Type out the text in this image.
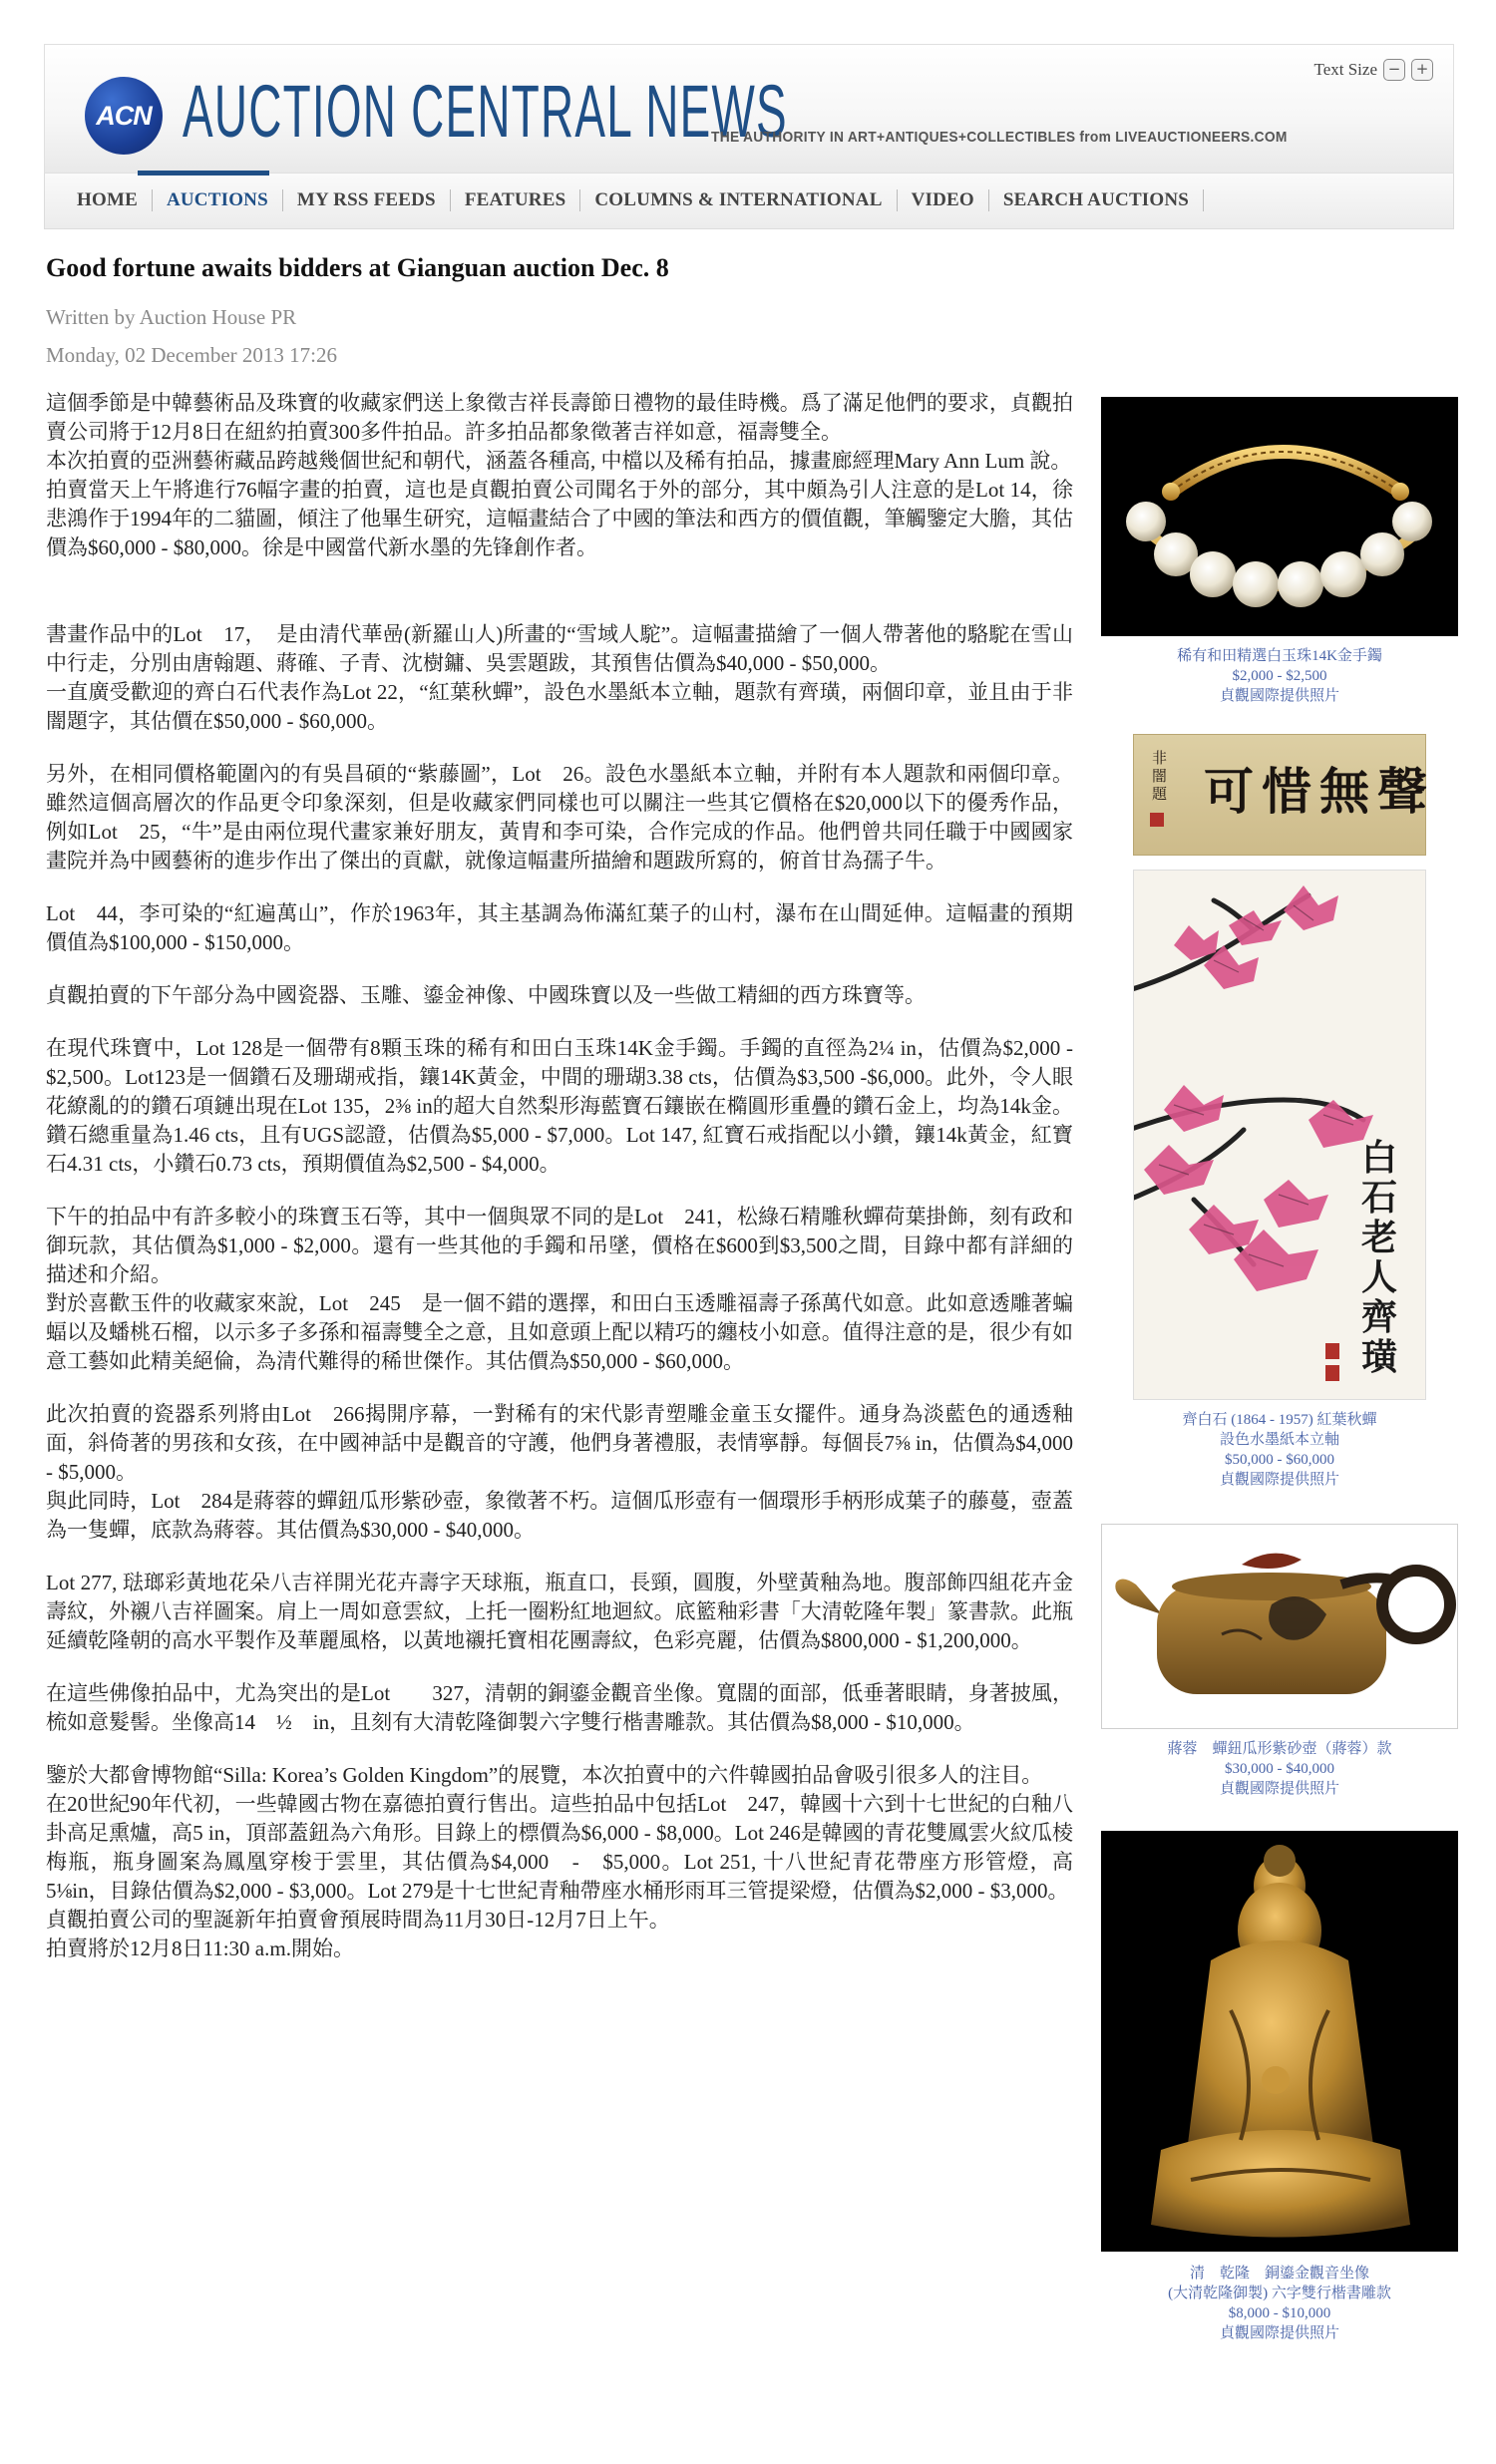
ACN AUCTION CENTRAL NEWS
THE AUTHORITY IN ART+ANTIQUES+COLLECTIBLES from LIVEAUCTIONEERS.COM
Text Size −	+
HOME	AUCTIONS	MY RSS FEEDS	FEATURES	COLUMNS & INTERNATIONAL	VIDEO	SEARCH AUCTIONS
Good fortune awaits bidders at Gianguan auction Dec. 8
Written by Auction House PR
Monday, 02 December 2013 17:26

這個季節是中韓藝術品及珠寶的收藏家們送上象徵吉祥長壽節日禮物的最佳時機。爲了滿足他們的要求，貞觀拍賣公司將于12月8日在紐約拍賣300多件拍品。許多拍品都象徵著吉祥如意，福壽雙全。

本次拍賣的亞洲藝術藏品跨越幾個世紀和朝代，涵蓋各種高, 中檔以及稀有拍品，據畫廊經理Mary Ann Lum 說。

拍賣當天上午將進行76幅字畫的拍賣，這也是貞觀拍賣公司聞名于外的部分，其中頗為引人注意的是Lot 14，徐悲鴻作于1994年的二貓圖，傾注了他畢生研究，這幅畫結合了中國的筆法和西方的價值觀，筆觸鑒定大膽，其估價為$60,000 - $80,000。徐是中國當代新水墨的先锋創作者。

書畫作品中的Lot　17，　是由清代華喦(新羅山人)所畫的“雪域人駝”。這幅畫描繪了一個人帶著他的駱駝在雪山中行走，分別由唐翰題、蔣確、子青、沈樹鏞、吳雲題跋，其預售估價為$40,000 - $50,000。

一直廣受歡迎的齊白石代表作為Lot 22，“紅葉秋蟬”，設色水墨紙本立軸，題款有齊璜，兩個印章，並且由于非闇題字，其估價在$50,000 - $60,000。

另外，在相同價格範圍內的有吳昌碩的“紫藤圖”，Lot　26。設色水墨紙本立軸，并附有本人題款和兩個印章。雖然這個高層次的作品更令印象深刻，但是收藏家們同樣也可以關注一些其它價格在$20,000以下的優秀作品，例如Lot　25，“牛”是由兩位現代畫家兼好朋友，黃胄和李可染，合作完成的作品。他們曾共同任職于中國國家畫院并為中國藝術的進步作出了傑出的貢獻，就像這幅畫所描繪和題跋所寫的，俯首甘為孺子牛。

Lot　44，李可染的“紅遍萬山”，作於1963年，其主基調為佈滿紅葉子的山村，瀑布在山間延伸。這幅畫的預期價值為$100,000 - $150,000。

貞觀拍賣的下午部分為中國瓷器、玉雕、鎏金神像、中國珠寶以及一些做工精細的西方珠寶等。

在現代珠寶中，Lot 128是一個帶有8顆玉珠的稀有和田白玉珠14K金手鐲。手鐲的直徑為2¼ in，估價為$2,000 - $2,500。Lot123是一個鑽石及珊瑚戒指，鑲14K黃金，中間的珊瑚3.38 cts，估價為$3,500 -$6,000。此外，令人眼花繚亂的的鑽石項鏈出現在Lot 135，2⅜ in的超大自然梨形海藍寶石鑲嵌在橢圓形重疊的鑽石金上，均為14k金。鑽石總重量為1.46 cts，且有UGS認證，估價為$5,000 - $7,000。Lot 147, 紅寶石戒指配以小鑽，鑲14k黃金，紅寶石4.31 cts，小鑽石0.73 cts，預期價值為$2,500 - $4,000。

下午的拍品中有許多較小的珠寶玉石等，其中一個與眾不同的是Lot　241，松綠石精雕秋蟬荷葉掛飾，刻有政和御玩款，其估價為$1,000 - $2,000。還有一些其他的手鐲和吊墜，價格在$600到$3,500之間，目錄中都有詳細的描述和介紹。

對於喜歡玉件的收藏家來說，Lot　245　是一個不錯的選擇，和田白玉透雕福壽子孫萬代如意。此如意透雕著蝙蝠以及蟠桃石榴，以示多子多孫和福壽雙全之意，且如意頭上配以精巧的纏枝小如意。值得注意的是，很少有如意工藝如此精美絕倫，為清代難得的稀世傑作。其估價為$50,000 - $60,000。

此次拍賣的瓷器系列將由Lot　266揭開序幕，一對稀有的宋代影青塑雕金童玉女擺件。通身為淡藍色的通透釉面，斜倚著的男孩和女孩，在中國神話中是觀音的守護，他們身著禮服，表情寧靜。每個長7⅝ in，估價為$4,000 - $5,000。

與此同時，Lot　284是蔣蓉的蟬鈕瓜形紫砂壺，象徵著不朽。這個瓜形壺有一個環形手柄形成葉子的藤蔓，壺蓋為一隻蟬，底款為蔣蓉。其估價為$30,000 - $40,000。

Lot 277, 琺瑯彩黃地花朵八吉祥開光花卉壽字天球瓶，瓶直口，長頸，圓腹，外壁黃釉為地。腹部飾四組花卉金壽紋，外襯八吉祥圖案。肩上一周如意雲紋，上托一圈粉紅地迴紋。底籃釉彩書「大清乾隆年製」篆書款。此瓶延續乾隆朝的高水平製作及華麗風格，以黃地襯托寶相花團壽紋，色彩亮麗，估價為$800,000 - $1,200,000。

在這些佛像拍品中，尤為突出的是Lot　　327，清朝的銅鎏金觀音坐像。寬闊的面部，低垂著眼睛，身著披風，梳如意髮髻。坐像高14　½　in，且刻有大清乾隆御製六字雙行楷書雕款。其估價為$8,000 - $10,000。

鑒於大都會博物館“Silla: Korea’s Golden Kingdom”的展覽，本次拍賣中的六件韓國拍品會吸引很多人的注目。

在20世紀90年代初，一些韓國古物在嘉德拍賣行售出。這些拍品中包括Lot　247，韓國十六到十七世紀的白釉八卦高足熏爐，高5 in，頂部蓋鈕為六角形。目錄上的標價為$6,000 - $8,000。Lot 246是韓國的青花雙鳳雲火紋瓜棱梅瓶，瓶身圖案為鳳凰穿梭于雲里，其估價為$4,000　-　$5,000。Lot 251, 十八世紀青花帶座方形管燈，高5⅛in，目錄估價為$2,000 - $3,000。Lot 279是十七世紀青釉帶座水桶形雨耳三管提梁燈，估價為$2,000 - $3,000。

貞觀拍賣公司的聖誕新年拍賣會預展時間為11月30日-12月7日上午。

拍賣將於12月8日11:30 a.m.開始。

稀有和田精選白玉珠14K金手鐲
$2,000 - $2,500
貞觀國際提供照片
可惜無聲
非闇題
白
石
老
人
齊
璜
齊白石 (1864 - 1957) 紅葉秋蟬
設色水墨紙本立軸
$50,000 - $60,000
貞觀國際提供照片
蔣蓉　蟬鈕瓜形紫砂壺（蔣蓉）款
$30,000 - $40,000
貞觀國際提供照片
清　乾隆　銅鎏金觀音坐像
(大清乾隆御製) 六字雙行楷書雕款
$8,000 - $10,000
貞觀國際提供照片
